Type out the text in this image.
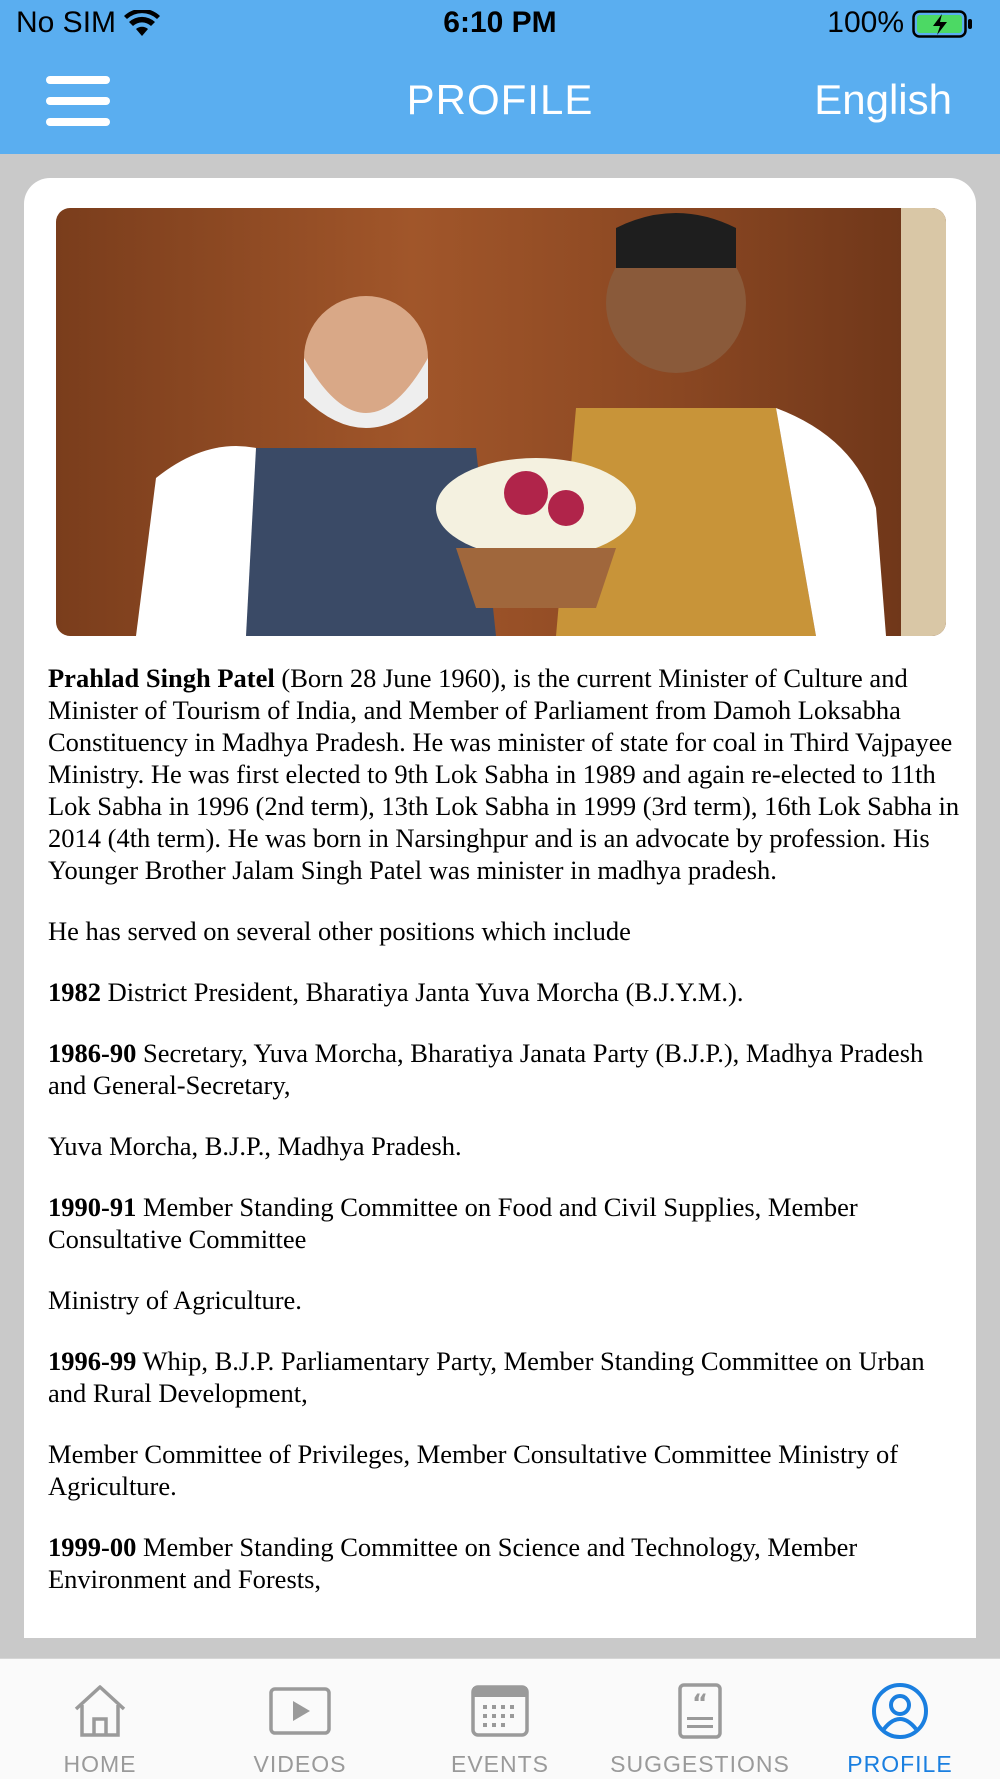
No SIM	6:10 PM	100%
PROFILE	English

Prahlad Singh Patel (Born 28 June 1960), is the current Minister of Culture and Minister of Tourism of India, and Member of Parliament from Damoh Loksabha Constituency in Madhya Pradesh. He was minister of state for coal in Third Vajpayee Ministry. He was first elected to 9th Lok Sabha in 1989 and again re-elected to 11th Lok Sabha in 1996 (2nd term), 13th Lok Sabha in 1999 (3rd term), 16th Lok Sabha in 2014 (4th term). He was born in Narsinghpur and is an advocate by profession. His Younger Brother Jalam Singh Patel was minister in madhya pradesh.

He has served on several other positions which include

1982 District President, Bharatiya Janta Yuva Morcha (B.J.Y.M.).

1986-90 Secretary, Yuva Morcha, Bharatiya Janata Party (B.J.P.), Madhya Pradesh and General-Secretary,

Yuva Morcha, B.J.P., Madhya Pradesh.

1990-91 Member Standing Committee on Food and Civil Supplies, Member Consultative Committee

Ministry of Agriculture.

1996-99 Whip, B.J.P. Parliamentary Party, Member Standing Committee on Urban and Rural Development,

Member Committee of Privileges, Member Consultative Committee Ministry of Agriculture.

1999-00 Member Standing Committee on Science and Technology, Member Environment and Forests,

HOME	VIDEOS	EVENTS
“
SUGGESTIONS	PROFILE
